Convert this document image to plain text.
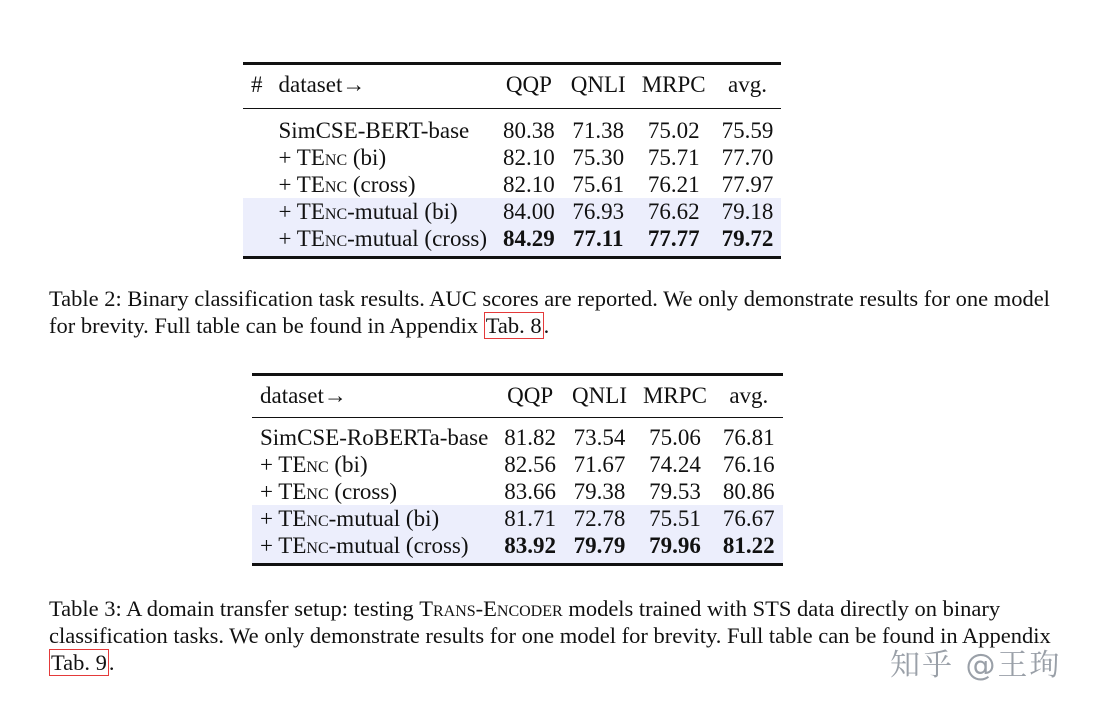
#	dataset→	QQP	QNLI	MRPC	avg.
	SimCSE-BERT-base	80.38	71.38	75.02	75.59
	+ TEnc (bi)	82.10	75.30	75.71	77.70
	+ TEnc (cross)	82.10	75.61	76.21	77.97
	+ TEnc-mutual (bi)	84.00	76.93	76.62	79.18
	+ TEnc-mutual (cross)	84.29	77.11	77.77	79.72
Table 2: Binary classification task results. AUC scores are reported. We only demonstrate results for one model for brevity. Full table can be found in Appendix Tab. 8.
dataset→	QQP	QNLI	MRPC	avg.
SimCSE-RoBERTa-base	81.82	73.54	75.06	76.81
+ TEnc (bi)	82.56	71.67	74.24	76.16
+ TEnc (cross)	83.66	79.38	79.53	80.86
+ TEnc-mutual (bi)	81.71	72.78	75.51	76.67
+ TEnc-mutual (cross)	83.92	79.79	79.96	81.22
Table 3: A domain transfer setup: testing Trans-Encoder models trained with STS data directly on binary classification tasks. We only demonstrate results for one model for brevity. Full table can be found in Appendix Tab. 9.	知乎 @王珣
